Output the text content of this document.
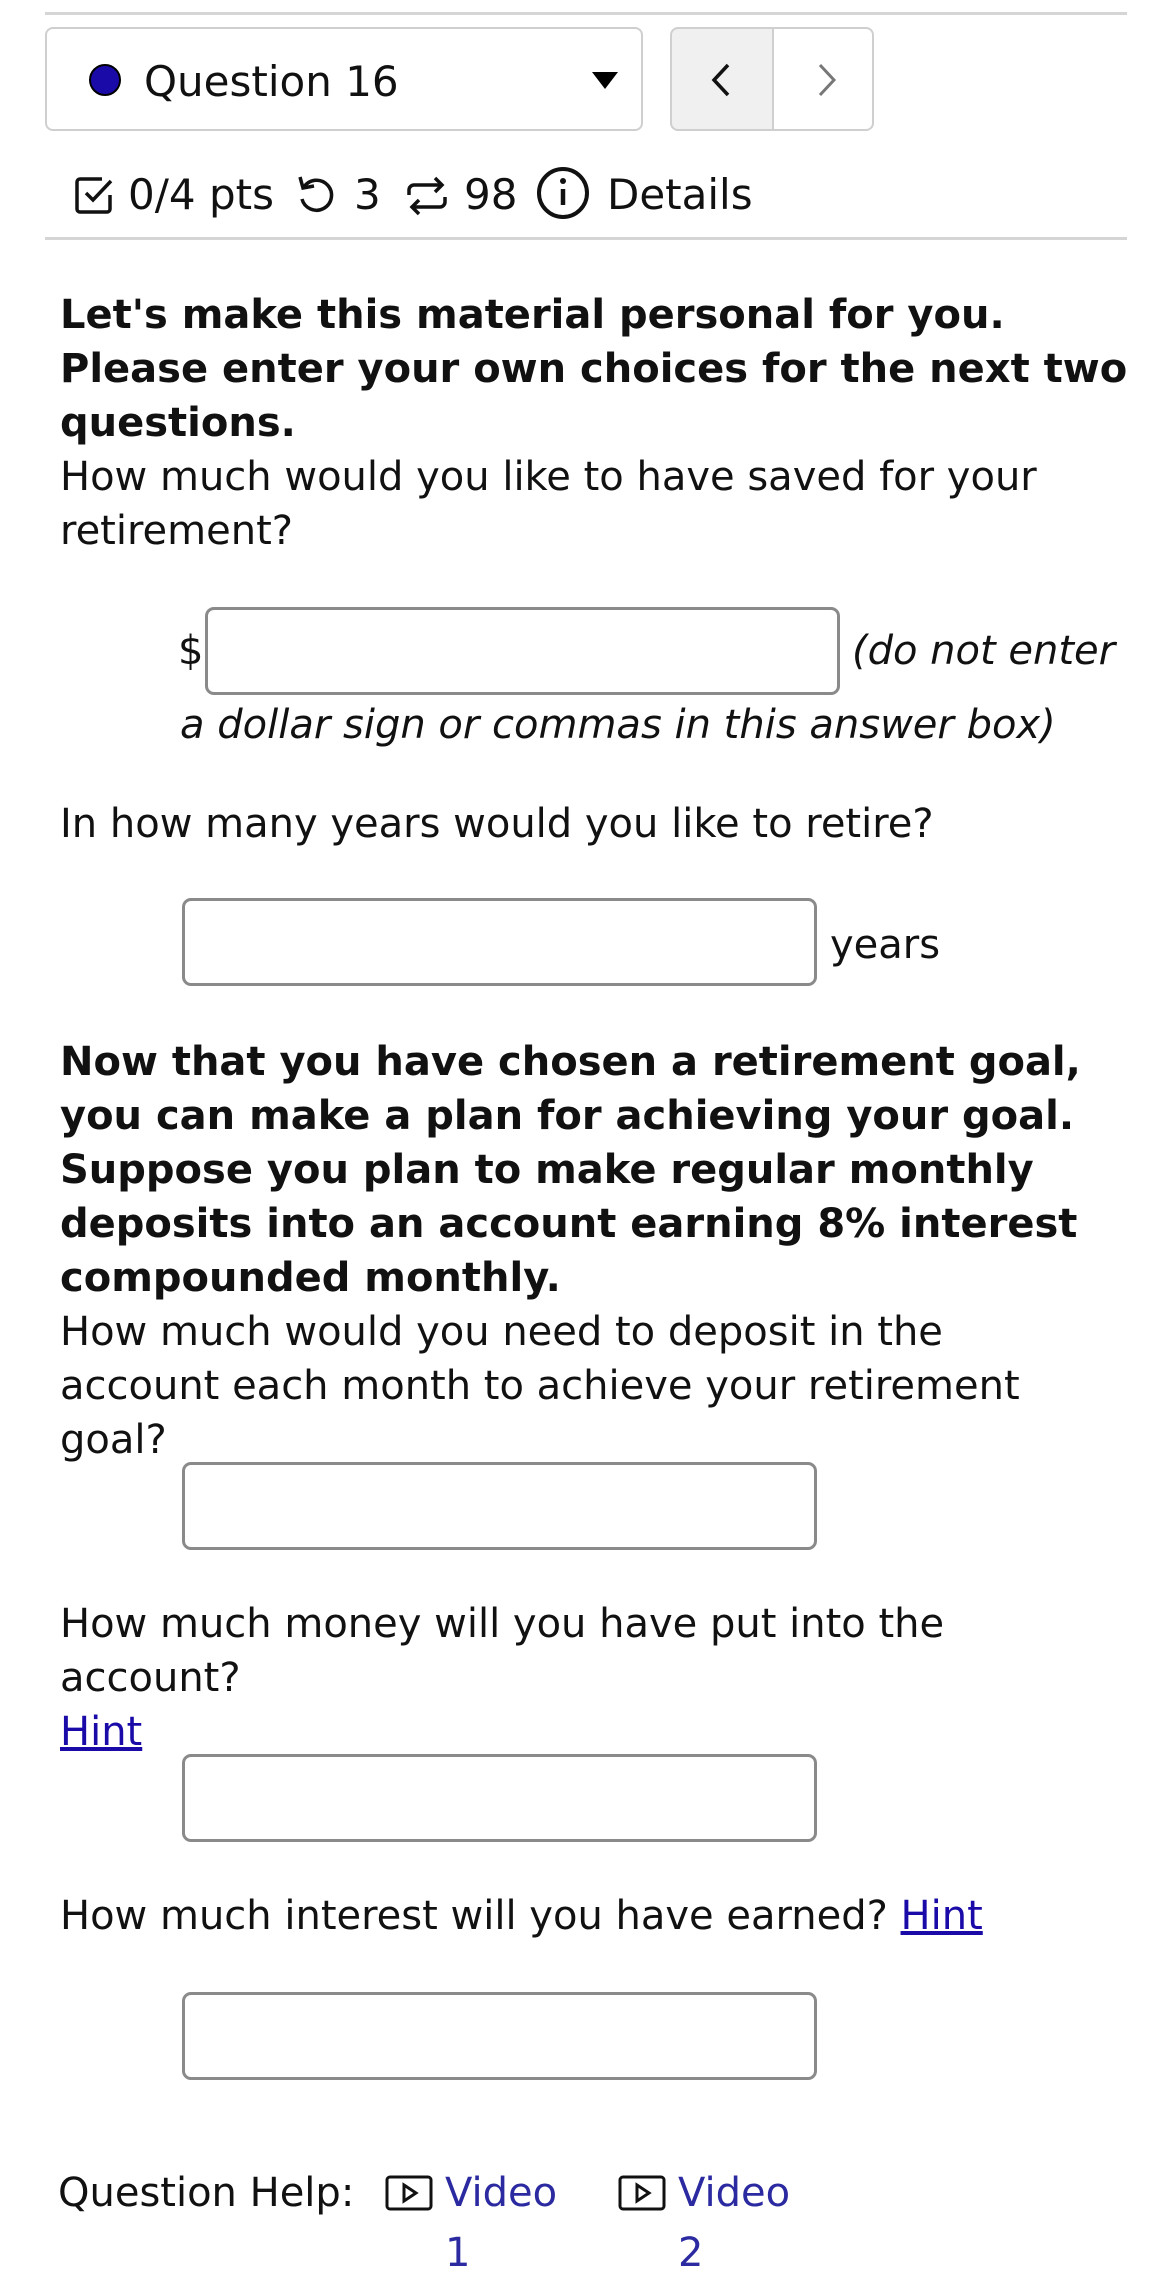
Question 16
0/4 pts 3 98 Details
Let's make this material personal for you. Please enter your own choices for the next two questions.
How much would you like to have saved for your retirement?
$	(do not enter
a dollar sign or commas in this answer box)
In how many years would you like to retire?
years
Now that you have chosen a retirement goal, you can make a plan for achieving your goal. Suppose you plan to make regular monthly deposits into an account earning 8% interest compounded monthly.
How much would you need to deposit in the account each month to achieve your retirement goal?
How much money will you have put into the account?
Hint
How much interest will you have earned? Hint
Question Help: Video 1
Video 2
